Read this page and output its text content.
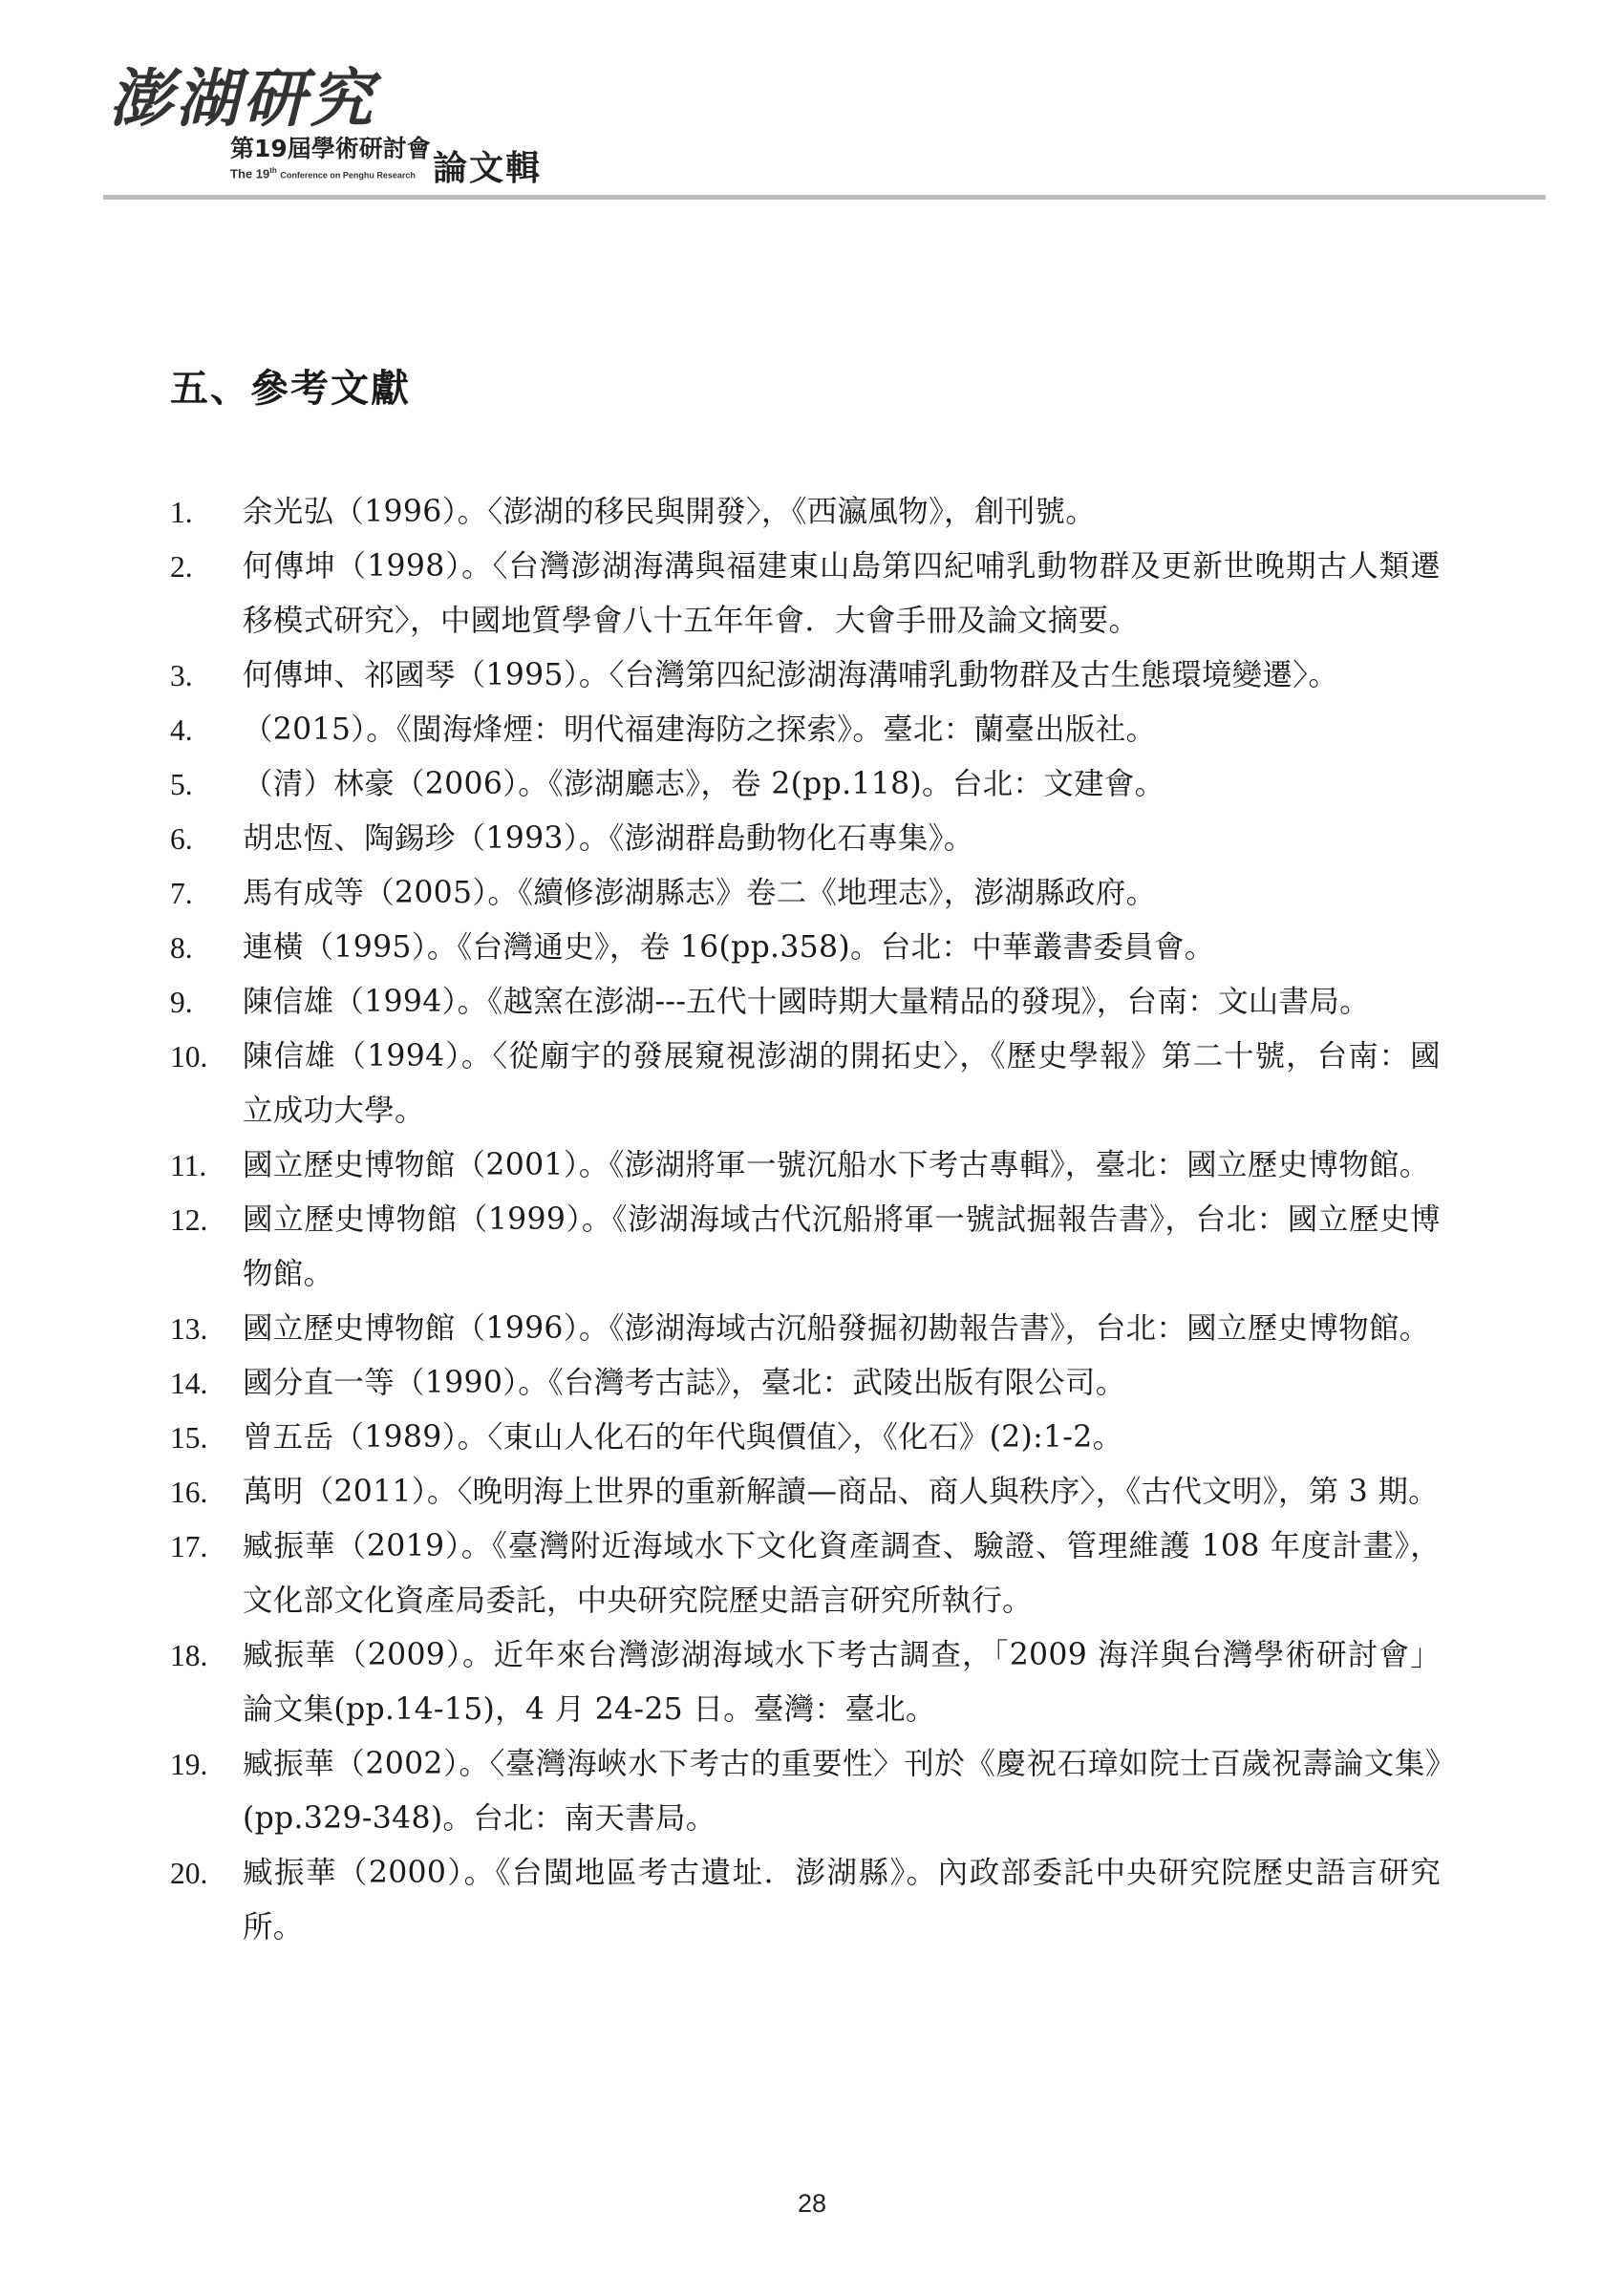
澎湖研究
第19屆學術研討會
The 19th Conference on Penghu Research 論文輯
五、參考文獻
1.	余光弘（1996）。〈澎湖的移民與開發〉，《西瀛風物》，創刊號。
2.	何傳坤（1998）。〈台灣澎湖海溝與福建東山島第四紀哺乳動物群及更新世晚期古人類遷移模式研究〉，中國地質學會八十五年年會．大會手冊及論文摘要。
3.	何傳坤、祁國琴（1995）。〈台灣第四紀澎湖海溝哺乳動物群及古生態環境變遷〉。
4.	（2015）。《閩海烽煙：明代福建海防之探索》。臺北：蘭臺出版社。
5.	（清）林豪（2006）。《澎湖廳志》，卷 2(pp.118)。台北：文建會。
6.	胡忠恆、陶錫珍（1993）。《澎湖群島動物化石專集》。
7.	馬有成等（2005）。《續修澎湖縣志》卷二《地理志》，澎湖縣政府。
8.	連橫（1995）。《台灣通史》，卷 16(pp.358)。台北：中華叢書委員會。
9.	陳信雄（1994）。《越窯在澎湖---五代十國時期大量精品的發現》，台南：文山書局。
10.	陳信雄（1994）。〈從廟宇的發展窺視澎湖的開拓史〉，《歷史學報》第二十號，台南：國立成功大學。
11.	國立歷史博物館（2001）。《澎湖將軍一號沉船水下考古專輯》，臺北：國立歷史博物館。
12.	國立歷史博物館（1999）。《澎湖海域古代沉船將軍一號試掘報告書》，台北：國立歷史博物館。
13.	國立歷史博物館（1996）。《澎湖海域古沉船發掘初勘報告書》，台北：國立歷史博物館。
14.	國分直一等（1990）。《台灣考古誌》，臺北：武陵出版有限公司。
15.	曾五岳（1989）。〈東山人化石的年代與價值〉，《化石》(2):1-2。
16.	萬明（2011）。〈晚明海上世界的重新解讀—商品、商人與秩序〉，《古代文明》，第 3 期。
17.	臧振華（2019）。《臺灣附近海域水下文化資產調查、驗證、管理維護 108 年度計畫》，文化部文化資產局委託，中央研究院歷史語言研究所執行。
18.	臧振華（2009）。近年來台灣澎湖海域水下考古調查，「2009 海洋與台灣學術研討會」論文集(pp.14-15)，4 月 24-25 日。臺灣：臺北。
19.	臧振華（2002）。〈臺灣海峽水下考古的重要性〉刊於《慶祝石璋如院士百歲祝壽論文集》(pp.329-348)。台北：南天書局。
20.	臧振華（2000）。《台閩地區考古遺址．澎湖縣》。內政部委託中央研究院歷史語言研究所。
28
